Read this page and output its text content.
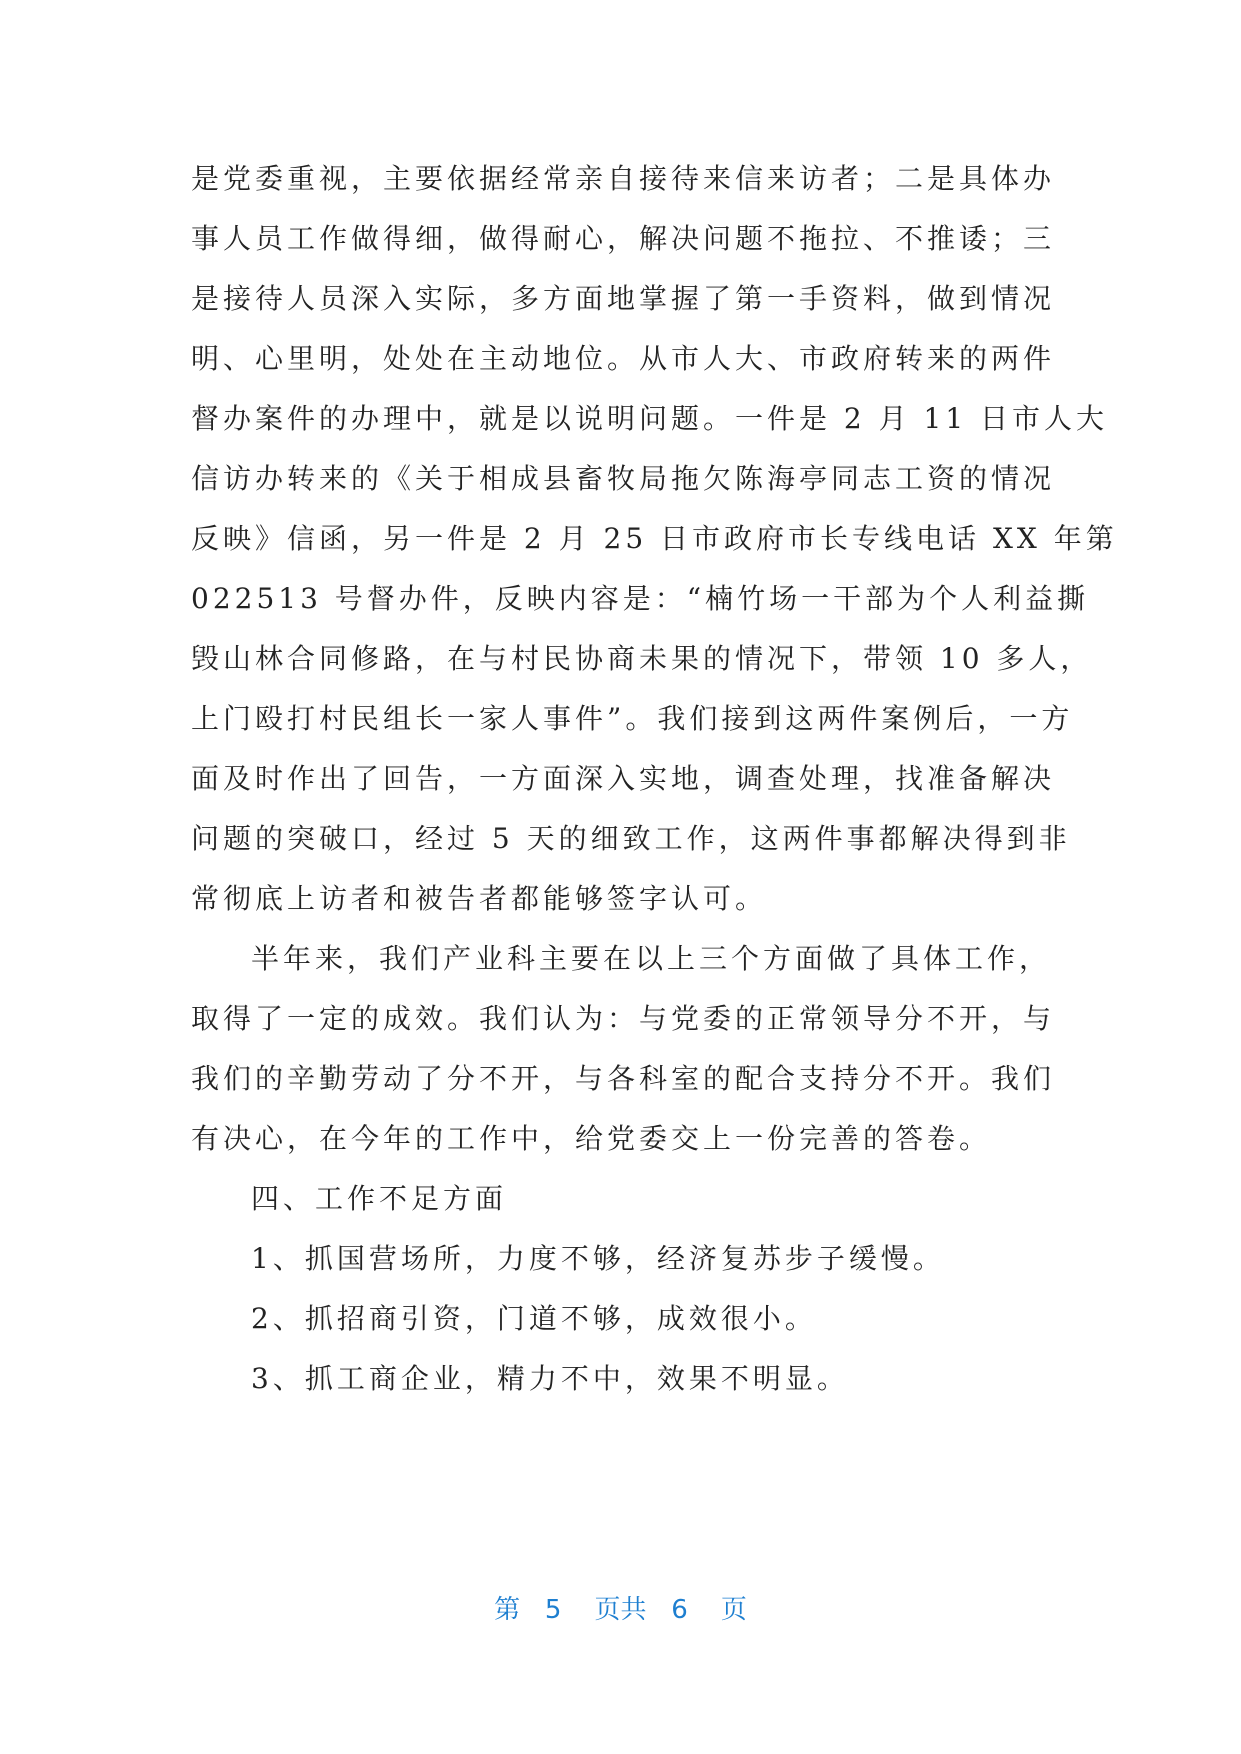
是党委重视，主要依据经常亲自接待来信来访者；二是具体办
事人员工作做得细，做得耐心，解决问题不拖拉、不推诿；三
是接待人员深入实际，多方面地掌握了第一手资料，做到情况
明、心里明，处处在主动地位。从市人大、市政府转来的两件
督办案件的办理中，就是以说明问题。一件是 2 月 11 日市人大
信访办转来的《关于相成县畜牧局拖欠陈海亭同志工资的情况
反映》信函，另一件是 2 月 25 日市政府市长专线电话 XX 年第
022513 号督办件，反映内容是：“楠竹场一干部为个人利益撕
毁山林合同修路，在与村民协商未果的情况下，带领 10 多人，
上门殴打村民组长一家人事件”。我们接到这两件案例后，一方
面及时作出了回告，一方面深入实地，调查处理，找准备解决
问题的突破口，经过 5 天的细致工作，这两件事都解决得到非
常彻底上访者和被告者都能够签字认可。
半年来，我们产业科主要在以上三个方面做了具体工作，
取得了一定的成效。我们认为：与党委的正常领导分不开，与
我们的辛勤劳动了分不开，与各科室的配合支持分不开。我们
有决心，在今年的工作中，给党委交上一份完善的答卷。
四、工作不足方面
1、抓国营场所，力度不够，经济复苏步子缓慢。
2、抓招商引资，门道不够，成效很小。
3、抓工商企业，精力不中，效果不明显。
第 5 页共 6 页
